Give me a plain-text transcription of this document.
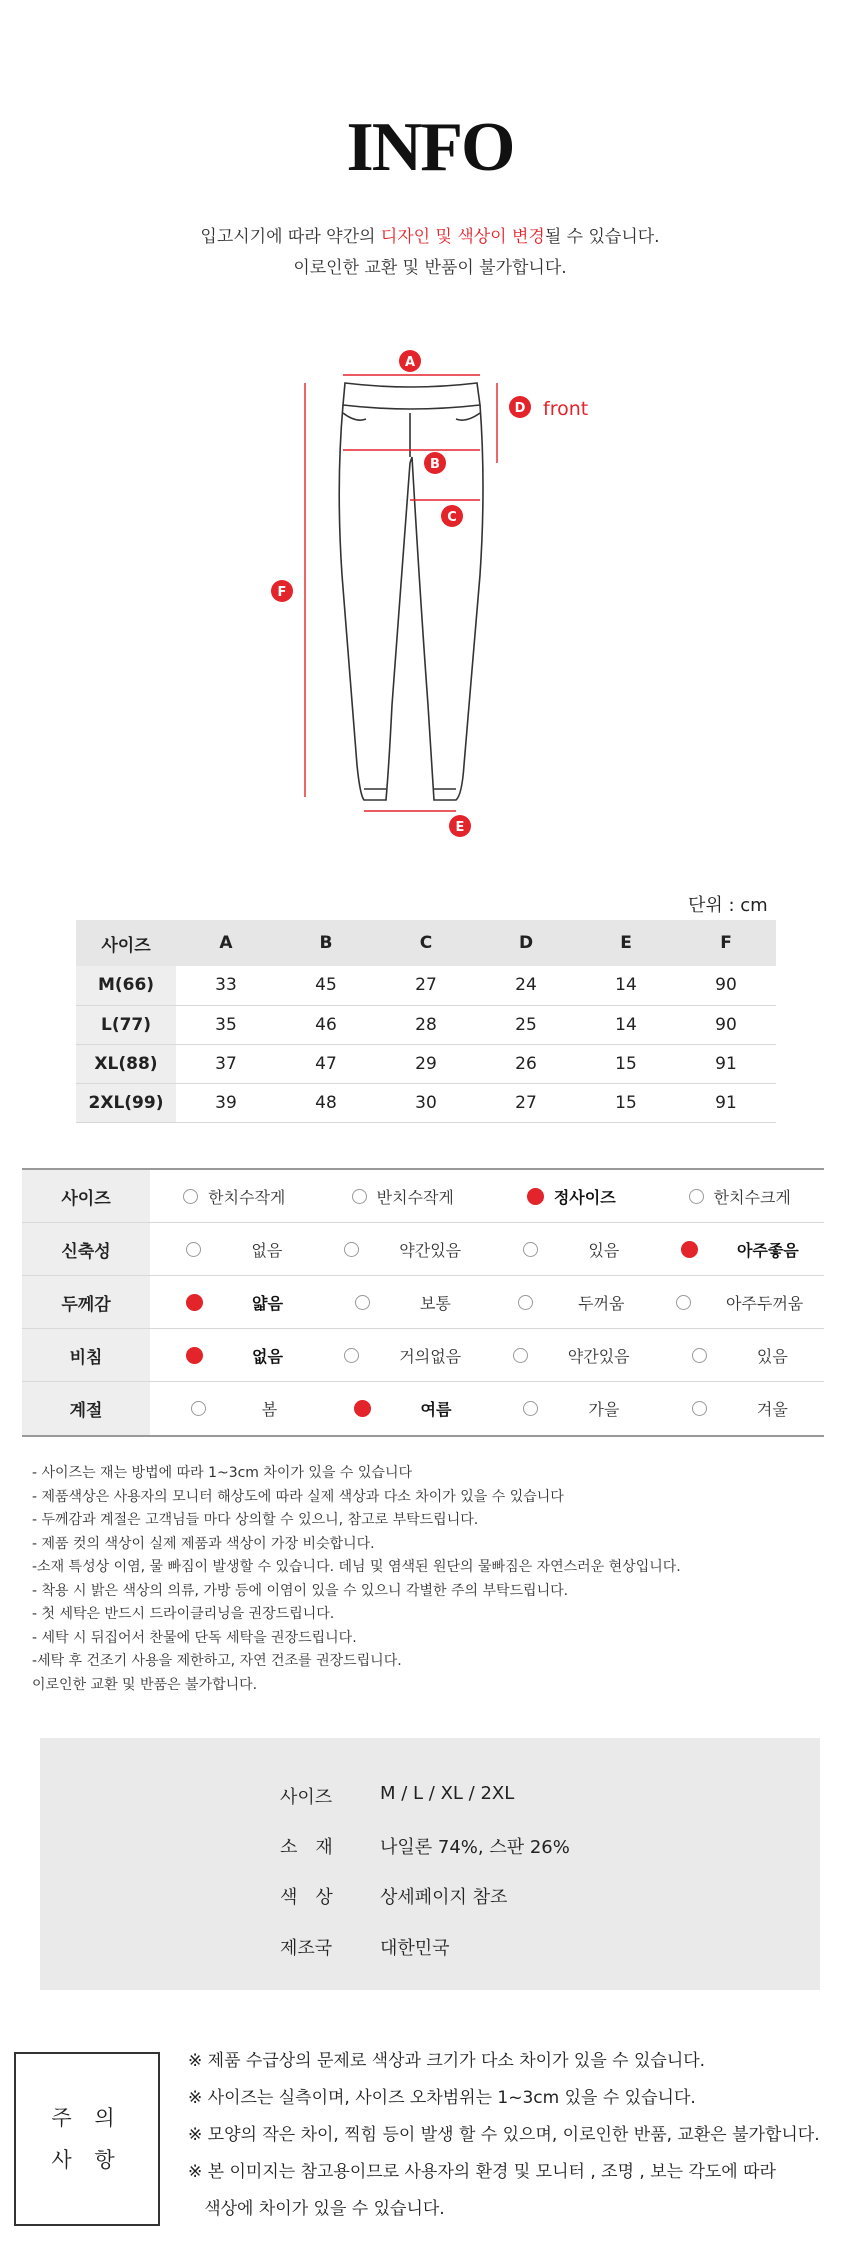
INFO
입고시기에 따라 약간의 디자인 및 색상이 변경될 수 있습니다.
이로인한 교환 및 반품이 불가합니다.
A
B
C
D
E
F
front
단위 : cm
사이즈	A	B	C	D	E	F
M(66)	33	45	27	24	14	90
L(77)	35	46	28	25	14	90
XL(88)	37	47	29	26	15	91
2XL(99)	39	48	30	27	15	91
사이즈	한치수작게	반치수작게	정사이즈	한치수크게
신축성	없음	약간있음	있음	아주좋음
두께감	얇음	보통	두꺼움	아주두꺼움
비침	없음	거의없음	약간있음	있음
계절	봄	여름	가을	겨울
- 사이즈는 재는 방법에 따라 1~3cm 차이가 있을 수 있습니다
- 제품색상은 사용자의 모니터 해상도에 따라 실제 색상과 다소 차이가 있을 수 있습니다
- 두께감과 계절은 고객님들 마다 상의할 수 있으니, 참고로 부탁드립니다.
- 제품 컷의 색상이 실제 제품과 색상이 가장 비슷합니다.
-소재 특성상 이염, 물 빠짐이 발생할 수 있습니다. 데님 및 염색된 원단의 물빠짐은 자연스러운 현상입니다.
- 착용 시 밝은 색상의 의류, 가방 등에 이염이 있을 수 있으니 각별한 주의 부탁드립니다.
- 첫 세탁은 반드시 드라이클리닝을 권장드립니다.
- 세탁 시 뒤집어서 찬물에 단독 세탁을 권장드립니다.
-세탁 후 건조기 사용을 제한하고, 자연 건조를 권장드립니다.
이로인한 교환 및 반품은 불가합니다.
사이즈	M / L / XL / 2XL
소　재	나일론 74%, 스판 26%
색　상	상세페이지 참조
제조국	대한민국
주 의
사 항
※ 제품 수급상의 문제로 색상과 크기가 다소 차이가 있을 수 있습니다.
※ 사이즈는 실측이며, 사이즈 오차범위는 1~3cm 있을 수 있습니다.
※ 모양의 작은 차이, 찍힘 등이 발생 할 수 있으며, 이로인한 반품, 교환은 불가합니다.
※ 본 이미지는 참고용이므로 사용자의 환경 및 모니터 , 조명 , 보는 각도에 따라
색상에 차이가 있을 수 있습니다.
